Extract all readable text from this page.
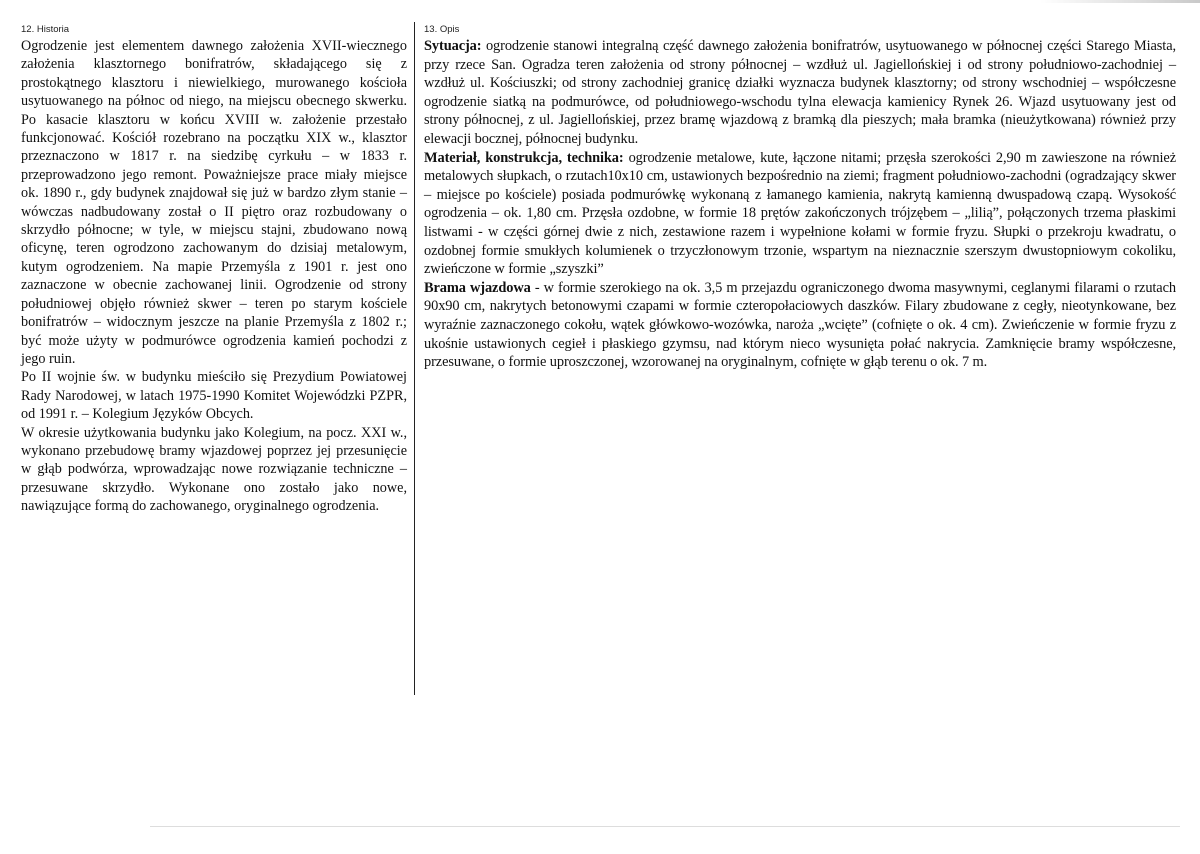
12. Historia

Ogrodzenie jest elementem dawnego założenia XVII-wiecznego założenia klasztornego bonifratrów, składającego się z prostokątnego klasztoru i niewielkiego, murowanego kościoła usytuowanego na północ od niego, na miejscu obecnego skwerku. Po kasacie klasztoru w końcu XVIII w. założenie przestało funkcjonować. Kościół rozebrano na początku XIX w., klasztor przeznaczono w 1817 r. na siedzibę cyrkułu – w 1833 r. przeprowadzono jego remont. Poważniejsze prace miały miejsce ok. 1890 r., gdy budynek znajdował się już w bardzo złym stanie – wówczas nadbudowany został o II piętro oraz rozbudowany o skrzydło północne; w tyle, w miejscu stajni, zbudowano nową oficynę, teren ogrodzono zachowanym do dzisiaj metalowym, kutym ogrodzeniem. Na mapie Przemyśla z 1901 r. jest ono zaznaczone w obecnie zachowanej linii. Ogrodzenie od strony południowej objęło również skwer – teren po starym kościele bonifratrów – widocznym jeszcze na planie Przemyśla z 1802 r.; być może użyty w podmurówce ogrodzenia kamień pochodzi z jego ruin.

Po II wojnie św. w budynku mieściło się Prezydium Powiatowej Rady Narodowej, w latach 1975-1990 Komitet Wojewódzki PZPR, od 1991 r. – Kolegium Języków Obcych.

W okresie użytkowania budynku jako Kolegium, na pocz. XXI w., wykonano przebudowę bramy wjazdowej poprzez jej przesunięcie w głąb podwórza, wprowadzając nowe rozwiązanie techniczne – przesuwane skrzydło. Wykonane ono zostało jako nowe, nawiązujące formą do zachowanego, oryginalnego ogrodzenia.

13. Opis

Sytuacja: ogrodzenie stanowi integralną część dawnego założenia bonifratrów, usytuowanego w północnej części Starego Miasta, przy rzece San. Ogradza teren założenia od strony północnej – wzdłuż ul. Jagiellońskiej i od strony południowo-zachodniej – wzdłuż ul. Kościuszki; od strony zachodniej granicę działki wyznacza budynek klasztorny; od strony wschodniej – współczesne ogrodzenie siatką na podmurówce, od południowego-wschodu tylna elewacja kamienicy Rynek 26. Wjazd usytuowany jest od strony północnej, z ul. Jagiellońskiej, przez bramę wjazdową z bramką dla pieszych; mała bramka (nieużytkowana) również przy elewacji bocznej, północnej budynku.

Materiał, konstrukcja, technika: ogrodzenie metalowe, kute, łączone nitami; przęsła szerokości 2,90 m zawieszone na również metalowych słupkach, o rzutach10x10 cm, ustawionych bezpośrednio na ziemi; fragment południowo-zachodni (ogradzający skwer – miejsce po kościele) posiada podmurówkę wykonaną z łamanego kamienia, nakrytą kamienną dwuspadową czapą. Wysokość ogrodzenia – ok. 1,80 cm. Przęsła ozdobne, w formie 18 prętów zakończonych trójzębem – „lilią”, połączonych trzema płaskimi listwami - w części górnej dwie z nich, zestawione razem i wypełnione kołami w formie fryzu. Słupki o przekroju kwadratu, o ozdobnej formie smukłych kolumienek o trzyczłonowym trzonie, wspartym na nieznacznie szerszym dwustopniowym cokoliku, zwieńczone w formie „szyszki”

Brama wjazdowa - w formie szerokiego na ok. 3,5 m przejazdu ograniczonego dwoma masywnymi, ceglanymi filarami o rzutach 90x90 cm, nakrytych betonowymi czapami w formie czteropołaciowych daszków. Filary zbudowane z cegły, nieotynkowane, bez wyraźnie zaznaczonego cokołu, wątek główkowo-wozówka, naroża „wcięte” (cofnięte o ok. 4 cm). Zwieńczenie w formie fryzu z ukośnie ustawionych cegieł i płaskiego gzymsu, nad którym nieco wysunięta połać nakrycia. Zamknięcie bramy współczesne, przesuwane, o formie uproszczonej, wzorowanej na oryginalnym, cofnięte w głąb terenu o ok. 7 m.
